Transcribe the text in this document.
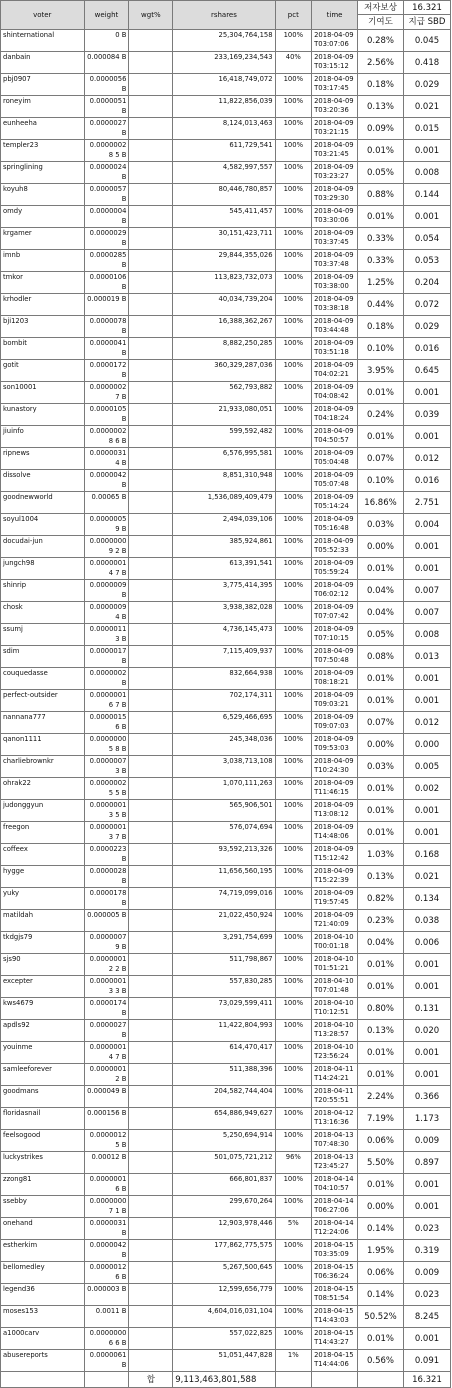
voter	weight	wgt%	rshares	pct	time	저자보상	16.321
						기여도	지급 SBD
shinternational	0 B		25,304,764,158	100%	2018-04-09T03:07:06	0.28%	0.045
danbain	0.000084 B		233,169,234,543	40%	2018-04-09T03:15:12	2.56%	0.418
pbj0907	0.0000056 B		16,418,749,072	100%	2018-04-09T03:17:45	0.18%	0.029
roneyim	0.0000051 B		11,822,856,039	100%	2018-04-09T03:20:36	0.13%	0.021
eunheeha	0.0000027 B		8,124,013,463	100%	2018-04-09T03:21:15	0.09%	0.015
templer23	0.00000028 5 B		611,729,541	100%	2018-04-09T03:21:45	0.01%	0.001
springlining	0.0000024 B		4,582,997,557	100%	2018-04-09T03:23:27	0.05%	0.008
koyuh8	0.0000057 B		80,446,780,857	100%	2018-04-09T03:29:30	0.88%	0.144
omdy	0.0000004 B		545,411,457	100%	2018-04-09T03:30:06	0.01%	0.001
krgamer	0.0000029 B		30,151,423,711	100%	2018-04-09T03:37:45	0.33%	0.054
imnb	0.0000285 B		29,844,355,026	100%	2018-04-09T03:37:48	0.33%	0.053
tmkor	0.0000106 B		113,823,732,073	100%	2018-04-09T03:38:00	1.25%	0.204
krhodler	0.000019 B		40,034,739,204	100%	2018-04-09T03:38:18	0.44%	0.072
bji1203	0.0000078 B		16,388,362,267	100%	2018-04-09T03:44:48	0.18%	0.029
bombit	0.0000041 B		8,882,250,285	100%	2018-04-09T03:51:18	0.10%	0.016
gotit	0.0000172 B		360,329,287,036	100%	2018-04-09T04:02:21	3.95%	0.645
son10001	0.00000027 B		562,793,882	100%	2018-04-09T04:08:42	0.01%	0.001
kunastory	0.0000105 B		21,933,080,051	100%	2018-04-09T04:18:24	0.24%	0.039
jiuinfo	0.00000028 6 B		599,592,482	100%	2018-04-09T04:50:57	0.01%	0.001
ripnews	0.00000314 B		6,576,995,581	100%	2018-04-09T05:04:48	0.07%	0.012
dissolve	0.0000042 B		8,851,310,948	100%	2018-04-09T05:07:48	0.10%	0.016
goodnewworld	0.00065 B		1,536,089,409,479	100%	2018-04-09T05:14:24	16.86%	2.751
soyul1004	0.00000059 B		2,494,039,106	100%	2018-04-09T05:16:48	0.03%	0.004
docudai-jun	0.00000009 2 B		385,924,861	100%	2018-04-09T05:52:33	0.00%	0.001
jungch98	0.00000014 7 B		613,391,541	100%	2018-04-09T05:59:24	0.01%	0.001
shinrip	0.0000009 B		3,775,414,395	100%	2018-04-09T06:02:12	0.04%	0.007
chosk	0.00000094 B		3,938,382,028	100%	2018-04-09T07:07:42	0.04%	0.007
ssumj	0.00000113 B		4,736,145,473	100%	2018-04-09T07:10:15	0.05%	0.008
sdim	0.0000017 B		7,115,409,937	100%	2018-04-09T07:50:48	0.08%	0.013
couquedasse	0.0000002 B		832,664,938	100%	2018-04-09T08:18:21	0.01%	0.001
perfect-outsider	0.00000016 7 B		702,174,311	100%	2018-04-09T09:03:21	0.01%	0.001
nannana777	0.00000156 B		6,529,466,695	100%	2018-04-09T09:07:03	0.07%	0.012
qanon1111	0.00000005 8 B		245,348,036	100%	2018-04-09T09:53:03	0.00%	0.000
charliebrownkr	0.00000073 B		3,038,713,108	100%	2018-04-09T10:24:30	0.03%	0.005
ohrak22	0.00000025 5 B		1,070,111,263	100%	2018-04-09T11:46:15	0.01%	0.002
judonggyun	0.00000013 5 B		565,906,501	100%	2018-04-09T13:08:12	0.01%	0.001
freegon	0.00000013 7 B		576,074,694	100%	2018-04-09T14:48:06	0.01%	0.001
coffeex	0.0000223 B		93,592,213,326	100%	2018-04-09T15:12:42	1.03%	0.168
hygge	0.0000028 B		11,656,560,195	100%	2018-04-09T15:22:39	0.13%	0.021
yuky	0.0000178 B		74,719,099,016	100%	2018-04-09T19:57:45	0.82%	0.134
matildah	0.000005 B		21,022,450,924	100%	2018-04-09T21:40:09	0.23%	0.038
tkdgjs79	0.00000079 B		3,291,754,699	100%	2018-04-10T00:01:18	0.04%	0.006
sjs90	0.00000012 2 B		511,798,867	100%	2018-04-10T01:51:21	0.01%	0.001
excepter	0.00000013 3 B		557,830,285	100%	2018-04-10T07:01:48	0.01%	0.001
kws4679	0.0000174 B		73,029,599,411	100%	2018-04-10T10:12:51	0.80%	0.131
apdls92	0.0000027 B		11,422,804,993	100%	2018-04-10T13:28:57	0.13%	0.020
youinme	0.00000014 7 B		614,470,417	100%	2018-04-10T23:56:24	0.01%	0.001
samleeforever	0.00000012 B		511,388,396	100%	2018-04-11T14:24:21	0.01%	0.001
goodmans	0.000049 B		204,582,744,404	100%	2018-04-11T20:55:51	2.24%	0.366
floridasnail	0.000156 B		654,886,949,627	100%	2018-04-12T13:16:36	7.19%	1.173
feelsogood	0.00000125 B		5,250,694,914	100%	2018-04-13T07:48:30	0.06%	0.009
luckystrikes	0.00012 B		501,075,721,212	96%	2018-04-13T23:45:27	5.50%	0.897
zzong81	0.00000016 B		666,801,837	100%	2018-04-14T04:10:57	0.01%	0.001
ssebby	0.00000007 1 B		299,670,264	100%	2018-04-14T06:27:06	0.00%	0.001
onehand	0.0000031 B		12,903,978,446	5%	2018-04-14T12:24:06	0.14%	0.023
estherkim	0.0000042 B		177,862,775,575	100%	2018-04-15T03:35:09	1.95%	0.319
bellomedley	0.00000126 B		5,267,500,645	100%	2018-04-15T06:36:24	0.06%	0.009
legend36	0.000003 B		12,599,656,779	100%	2018-04-15T08:51:54	0.14%	0.023
moses153	0.0011 B		4,604,016,031,104	100%	2018-04-15T14:43:03	50.52%	8.245
a1000carv	0.00000006 6 B		557,022,825	100%	2018-04-15T14:43:27	0.01%	0.001
abusereports	0.0000061 B		51,051,447,828	1%	2018-04-15T14:44:06	0.56%	0.091
		합	9,113,463,801,588				16.321
